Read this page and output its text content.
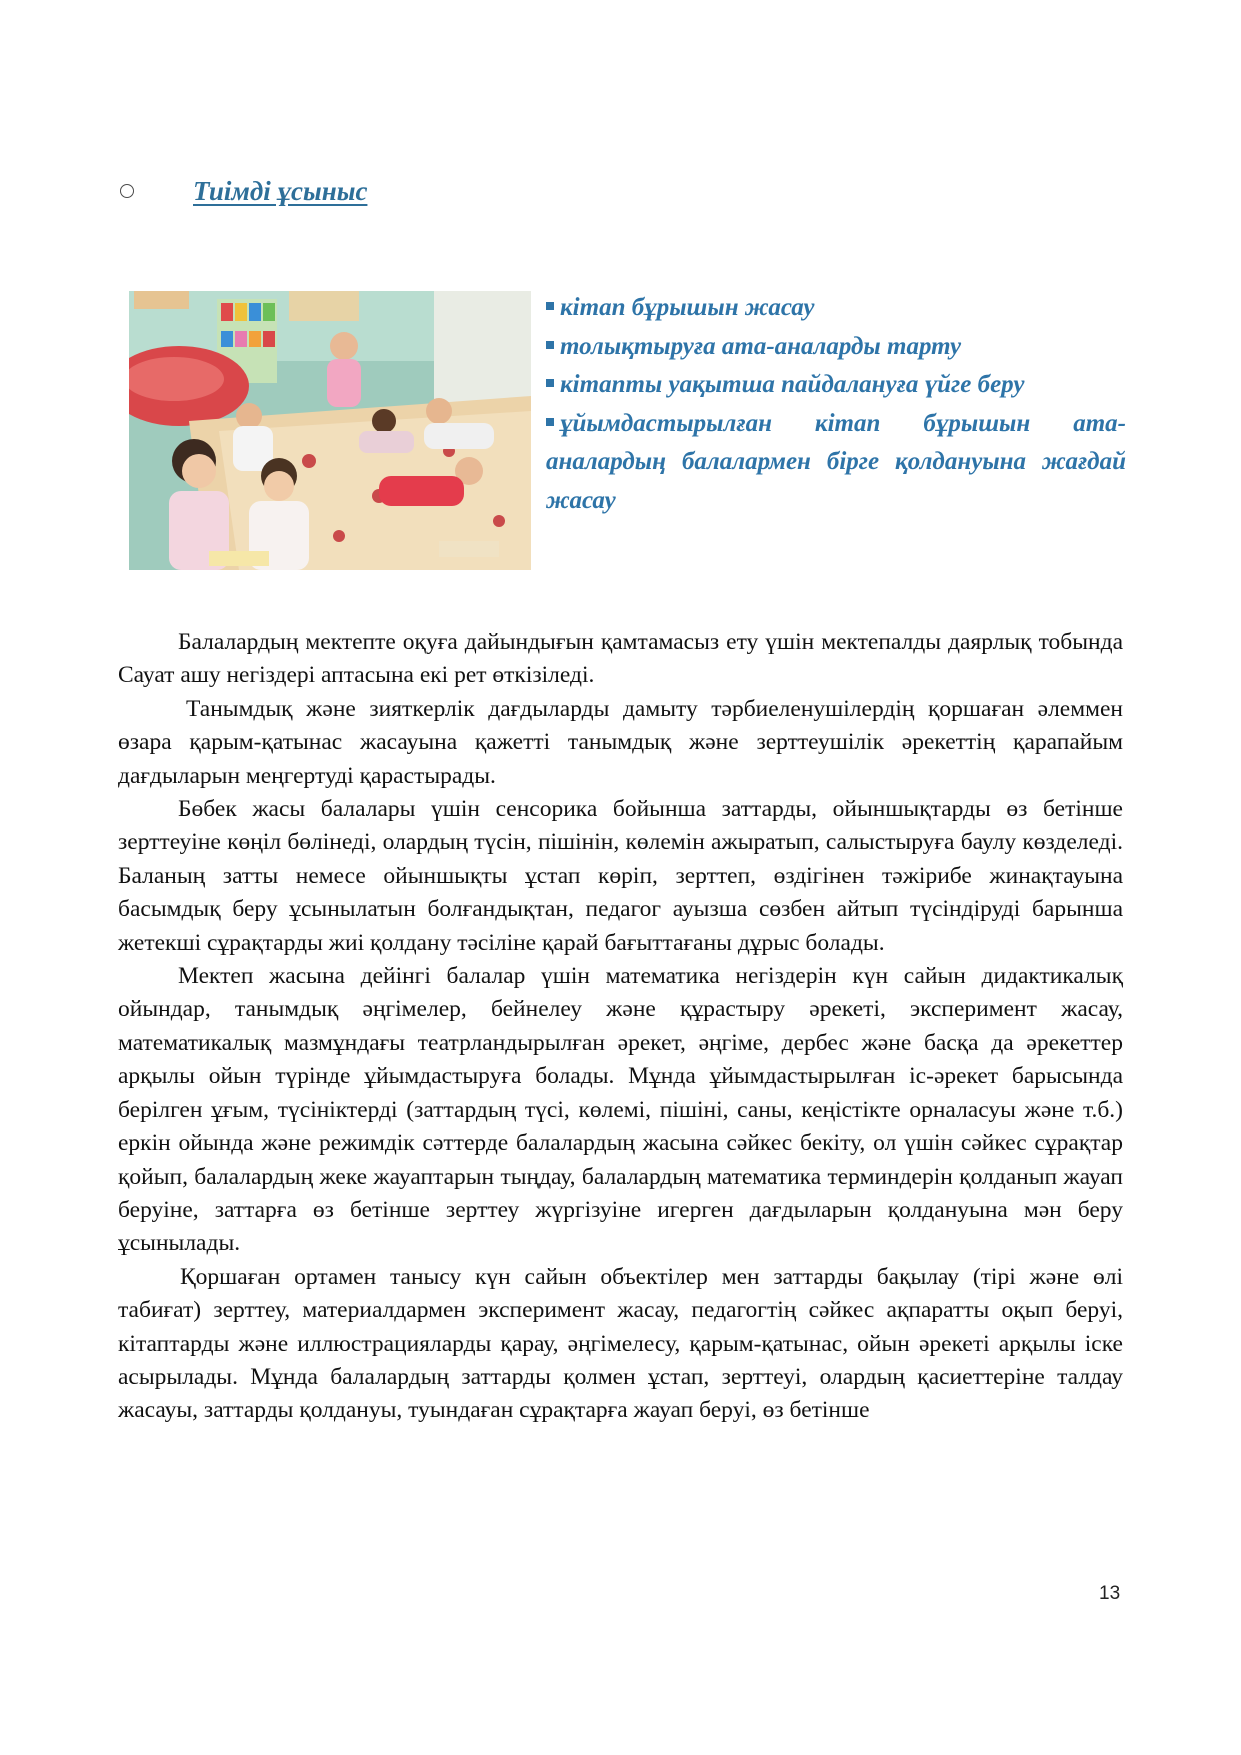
Тиімді ұсыныс
кітап бұрышын жасау
толықтыруға ата-аналарды тарту
кітапты уақытша пайдалануға үйге беру
ұйымдастырылған кітап бұрышын ата-аналардың балалармен бірге қолдануына жағдай жасау

Балалардың мектепте оқуға дайындығын қамтамасыз ету үшін мектепалды даярлық тобында Сауат ашу негіздері аптасына екі рет өткізіледі.

Танымдық және зияткерлік дағдыларды дамыту тәрбиеленушілердің қоршаған әлеммен өзара қарым-қатынас жасауына қажетті танымдық және зерттеушілік әрекеттің қарапайым дағдыларын меңгертуді қарастырады.

Бөбек жасы балалары үшін сенсорика бойынша заттарды, ойыншықтарды өз бетінше зерттеуіне көңіл бөлінеді, олардың түсін, пішінін, көлемін ажыратып, салыстыруға баулу көзделеді. Баланың затты немесе ойыншықты ұстап көріп, зерттеп, өздігінен тәжірибе жинақтауына басымдық беру ұсынылатын болғандықтан, педагог ауызша сөзбен айтып түсіндіруді барынша жетекші сұрақтарды жиі қолдану тәсіліне қарай бағыттағаны дұрыс болады.

Мектеп жасына дейінгі балалар үшін математика негіздерін күн сайын дидактикалық ойындар, танымдық әңгімелер, бейнелеу және құрастыру әрекеті, эксперимент жасау, математикалық мазмұндағы театрландырылған әрекет, әңгіме, дербес және басқа да әрекеттер арқылы ойын түрінде ұйымдастыруға болады. Мұнда ұйымдастырылған іс-әрекет барысында берілген ұғым, түсініктерді (заттардың түсі, көлемі, пішіні, саны, кеңістікте орналасуы және т.б.) еркін ойында және режимдік сәттерде балалардың жасына сәйкес бекіту, ол үшін сәйкес сұрақтар қойып, балалардың жеке жауаптарын тыңдау, балалардың математика терминдерін қолданып жауап беруіне, заттарға өз бетінше зерттеу жүргізуіне игерген дағдыларын қолдануына мән беру ұсынылады.

Қоршаған ортамен танысу күн сайын объектілер мен заттарды бақылау (тірі және өлі табиғат) зерттеу, материалдармен эксперимент жасау, педагогтің сәйкес ақпаратты оқып беруі, кітаптарды және иллюстрацияларды қарау, әңгімелесу, қарым-қатынас, ойын әрекеті арқылы іске асырылады. Мұнда балалардың заттарды қолмен ұстап, зерттеуі, олардың қасиеттеріне талдау жасауы, заттарды қолдануы, туындаған сұрақтарға жауап беруі, өз бетінше

13
